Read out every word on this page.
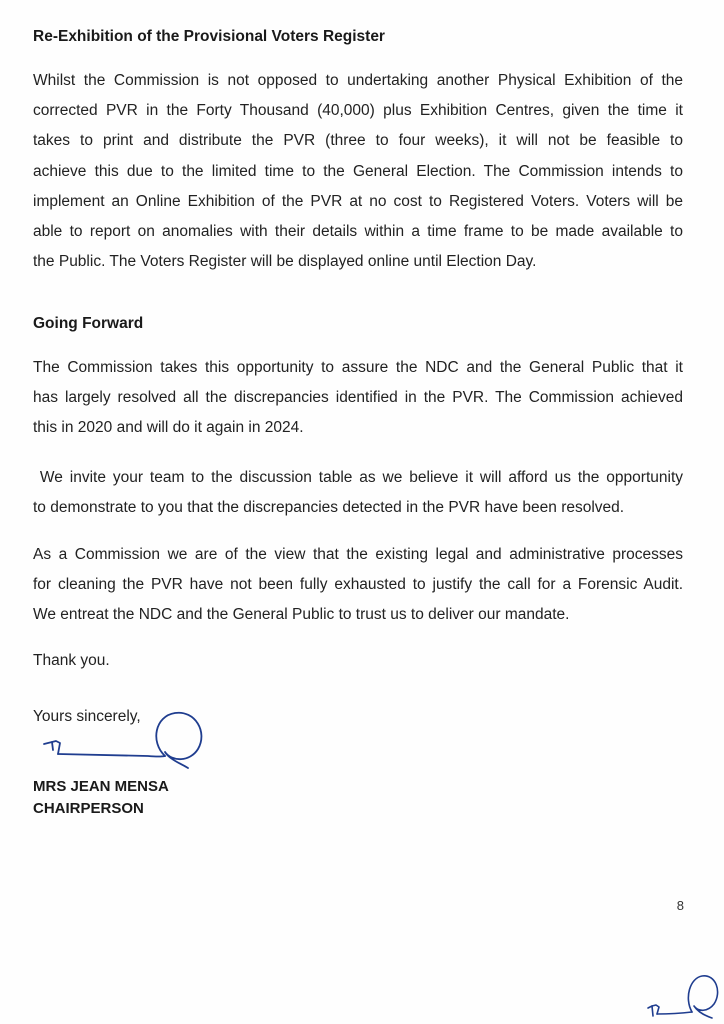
Re-Exhibition of the Provisional Voters Register
Whilst the Commission is not opposed to undertaking another Physical Exhibition of the
corrected PVR in the Forty Thousand (40,000) plus Exhibition Centres, given the time it
takes to print and distribute the PVR (three to four weeks), it will not be feasible to
achieve this due to the limited time to the General Election. The Commission intends to
implement an Online Exhibition of the PVR at no cost to Registered Voters. Voters will be
able to report on anomalies with their details within a time frame to be made available to
the Public. The Voters Register will be displayed online until Election Day.
Going Forward
The Commission takes this opportunity to assure the NDC and the General Public that it
has largely resolved all the discrepancies identified in the PVR. The Commission achieved
this in 2020 and will do it again in 2024.
We invite your team to the discussion table as we believe it will afford us the opportunity
to demonstrate to you that the discrepancies detected in the PVR have been resolved.
As a Commission we are of the view that the existing legal and administrative processes
for cleaning the PVR have not been fully exhausted to justify the call for a Forensic Audit.
We entreat the NDC and the General Public to trust us to deliver our mandate.
Thank you.
Yours sincerely,
MRS JEAN MENSA
CHAIRPERSON
8
